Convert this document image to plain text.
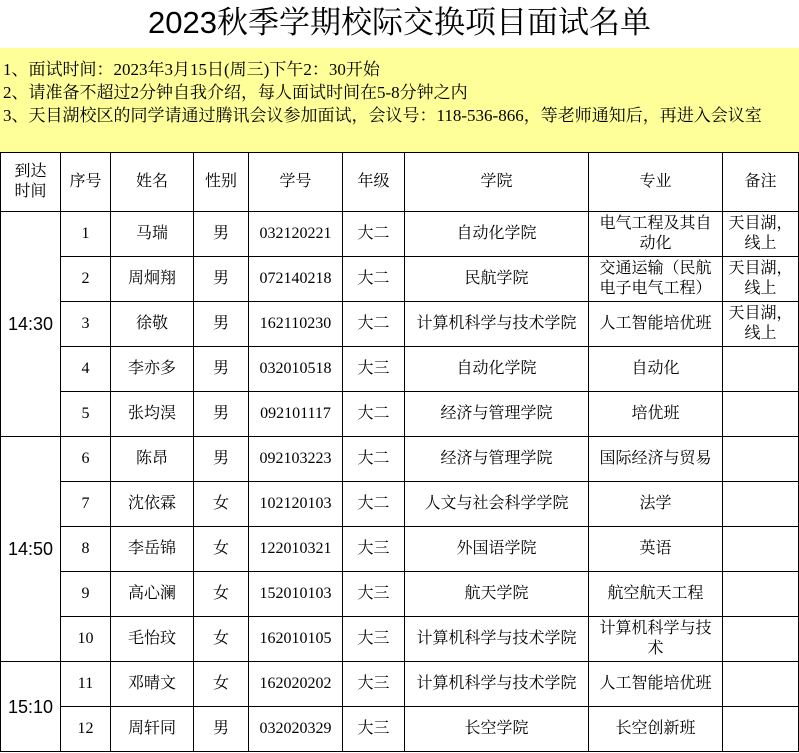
2023秋季学期校际交换项目面试名单
1、面试时间：2023年3月15日(周三)下午2：30开始
2、请准备不超过2分钟自我介绍，每人面试时间在5-8分钟之内
3、天目湖校区的同学请通过腾讯会议参加面试，会议号：118-536-866，等老师通知后，再进入会议室
到达
时间	序号	姓名	性别	学号	年级	学院	专业	备注
14:30	1	马瑞	男	032120221	大二	自动化学院	电气工程及其自动化	天目湖，线上
	2	周炯翔	男	072140218	大二	民航学院	交通运输（民航电子电气工程）	天目湖，线上
	3	徐敬	男	162110230	大二	计算机科学与技术学院	人工智能培优班	天目湖，线上
	4	李亦多	男	032010518	大三	自动化学院	自动化	
	5	张均淏	男	092101117	大二	经济与管理学院	培优班	
14:50	6	陈昂	男	092103223	大二	经济与管理学院	国际经济与贸易	
	7	沈依霖	女	102120103	大二	人文与社会科学学院	法学	
	8	李岳锦	女	122010321	大三	外国语学院	英语	
	9	高心澜	女	152010103	大三	航天学院	航空航天工程	
	10	毛怡玟	女	162010105	大三	计算机科学与技术学院	计算机科学与技术	
15:10	11	邓晴文	女	162020202	大三	计算机科学与技术学院	人工智能培优班	
	12	周轩同	男	032020329	大三	长空学院	长空创新班	
